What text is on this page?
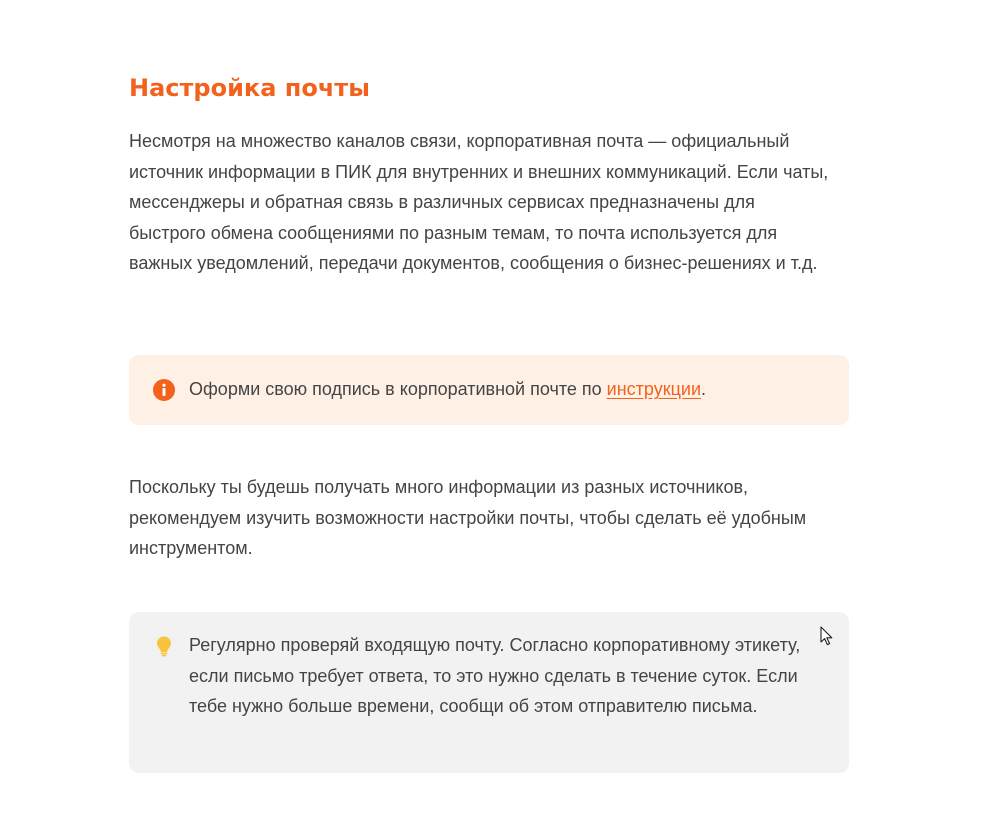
Настройка почты

Несмотря на множество каналов связи, корпоративная почта — официальный источник информации в ПИК для внутренних и внешних коммуникаций. Если чаты, мессенджеры и обратная связь в различных сервисах предназначены для быстрого обмена сообщениями по разным темам, то почта используется для важных уведомлений, передачи документов, сообщения о бизнес-решениях и т.д.

Оформи свою подпись в корпоративной почте по инструкции.

Поскольку ты будешь получать много информации из разных источников, рекомендуем изучить возможности настройки почты, чтобы сделать её удобным инструментом.

Регулярно проверяй входящую почту. Согласно корпоративному этикету, если письмо требует ответа, то это нужно сделать в течение суток. Если тебе нужно больше времени, сообщи об этом отправителю письма.
